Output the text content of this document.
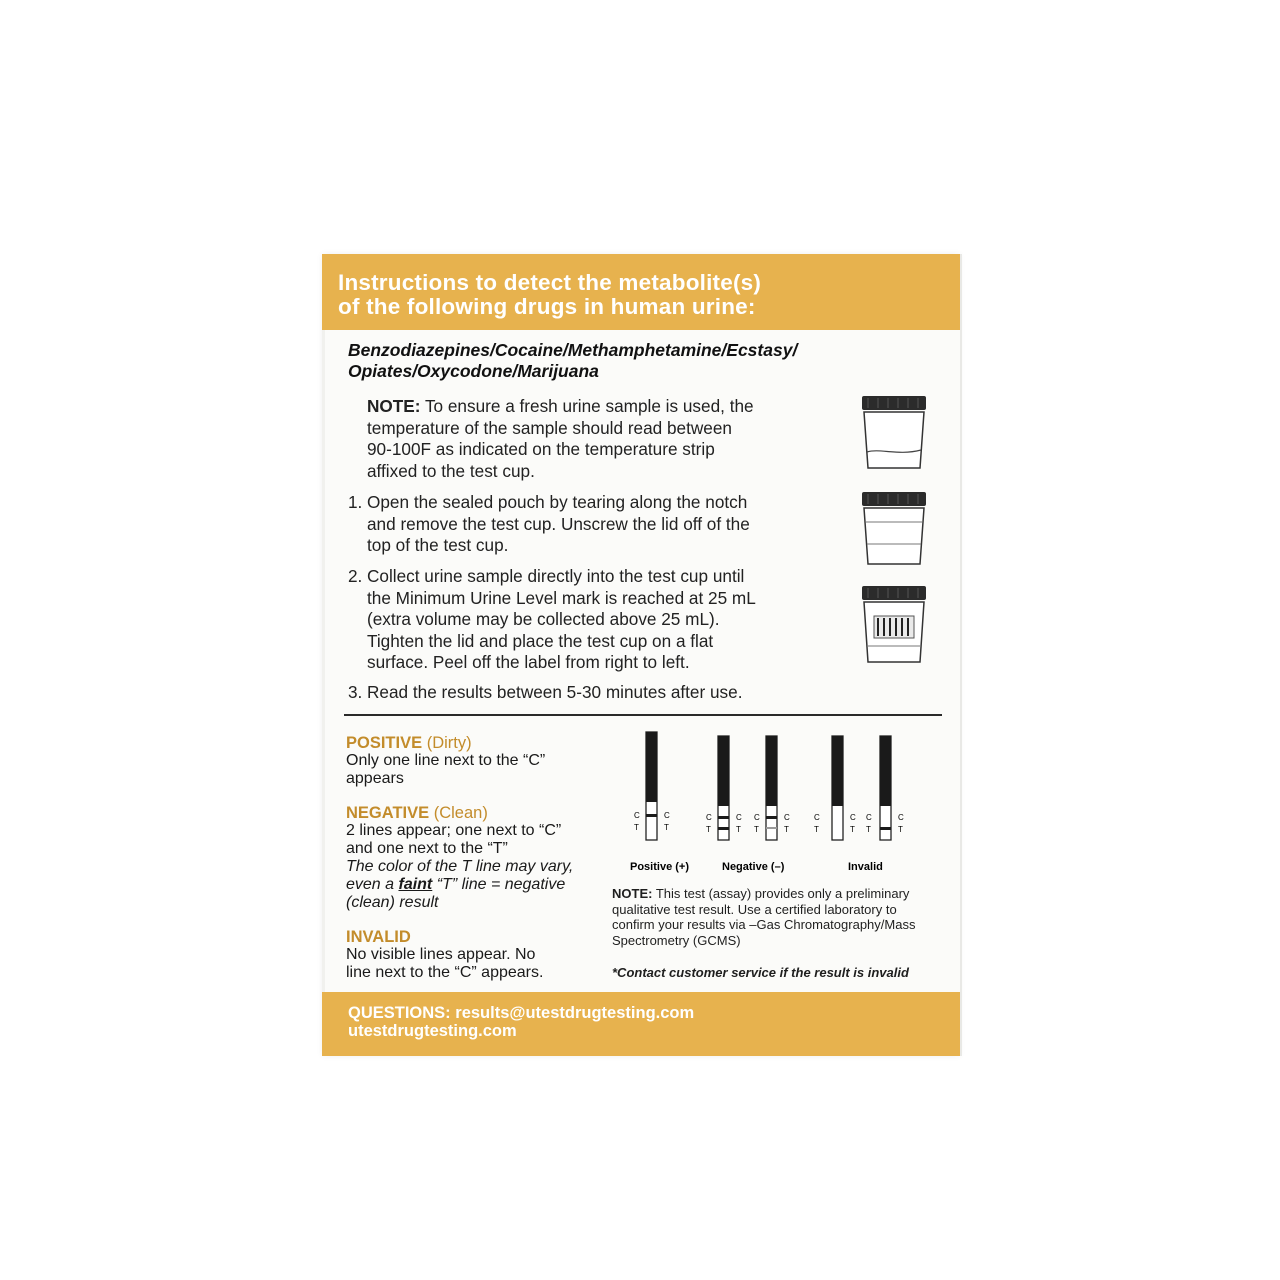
Instructions to detect the metabolite(s)
of the following drugs in human urine:
Benzodiazepines/Cocaine/Methamphetamine/Ecstasy/
Opiates/Oxycodone/Marijuana
NOTE: To ensure a fresh urine sample is used, the
temperature of the sample should read between
90-100F as indicated on the temperature strip
affixed to the test cup.
1. Open the sealed pouch by tearing along the notch
and remove the test cup. Unscrew the lid off of the
top of the test cup.
2. Collect urine sample directly into the test cup until
the Minimum Urine Level mark is reached at 25 mL
(extra volume may be collected above 25 mL).
Tighten the lid and place the test cup on a flat
surface. Peel off the label from right to left.
3. Read the results between 5-30 minutes after use.
POSITIVE (Dirty)
Only one line next to the “C”
appears
NEGATIVE (Clean)
2 lines appear; one next to “C”
and one next to the “T”
The color of the T line may vary,
even a faint “T” line = negative
(clean) result
INVALID
No visible lines appear. No
line next to the “C” appears.
C
T
C
T
C
T
C
T
C
T
C
T
C
T
C
T
C
T
C
T
Positive (+)	Negative (–)	Invalid
NOTE: This test (assay) provides only a preliminary
qualitative test result. Use a certified laboratory to
confirm your results via –Gas Chromatography/Mass
Spectrometry (GCMS)
*Contact customer service if the result is invalid
QUESTIONS: results@utestdrugtesting.com
utestdrugtesting.com
